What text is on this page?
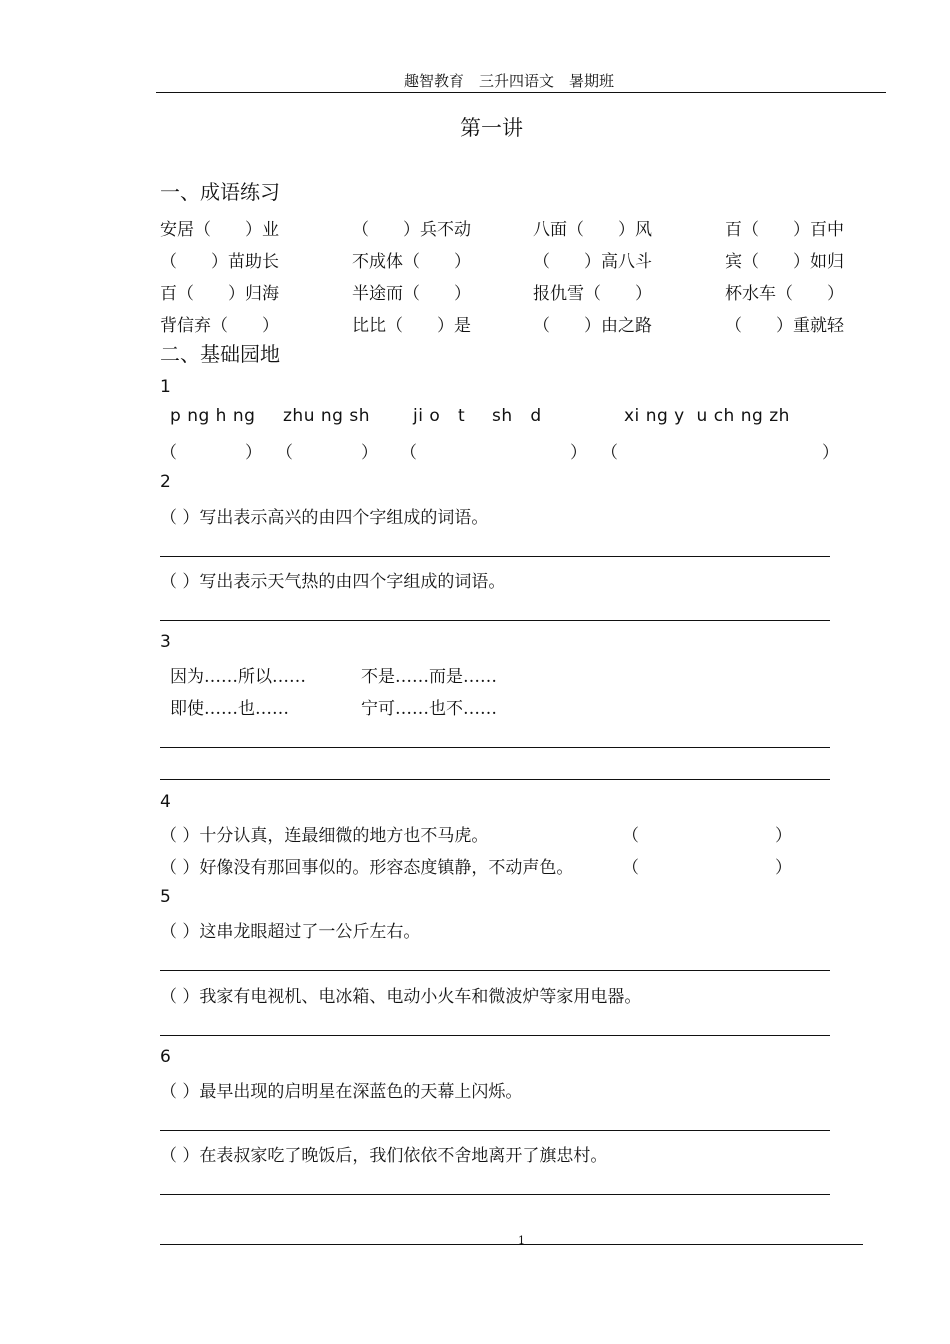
趣智教育　三升四语文　暑期班
第一讲
一、成语练习
安居（　　）业	（　　）兵不动	八面（　　）风	百（　　）百中
（　　）苗助长	不成体（　　）	（　　）高八斗	宾（　　）如归
百（　　）归海	半途而（　　）	报仇雪（　　）	杯水车（　　）
背信弃（　　）	比比（　　）是	（　　）由之路	（　　）重就轻
二、基础园地
1
p ng h ng zhu ng sh	ji o   t sh   d	xi ng y  u ch ng zh
（　　　　） （　　　　） （　　　　　　　　　） （　　　　　　　　　　　　）
2
（ ）写出表示高兴的由四个字组成的词语。
（ ）写出表示天气热的由四个字组成的词语。
3
因为……所以……	不是……而是……
即使……也……	宁可……也不……
4
（ ）十分认真，连最细微的地方也不马虎。	（　　　　　　　　）
（ ）好像没有那回事似的。形容态度镇静，不动声色。	（　　　　　　　　）
5
（ ）这串龙眼超过了一公斤左右。
（ ）我家有电视机、电冰箱、电动小火车和微波炉等家用电器。
6
（ ）最早出现的启明星在深蓝色的天幕上闪烁。
（ ）在表叔家吃了晚饭后，我们依依不舍地离开了旗忠村。
1
